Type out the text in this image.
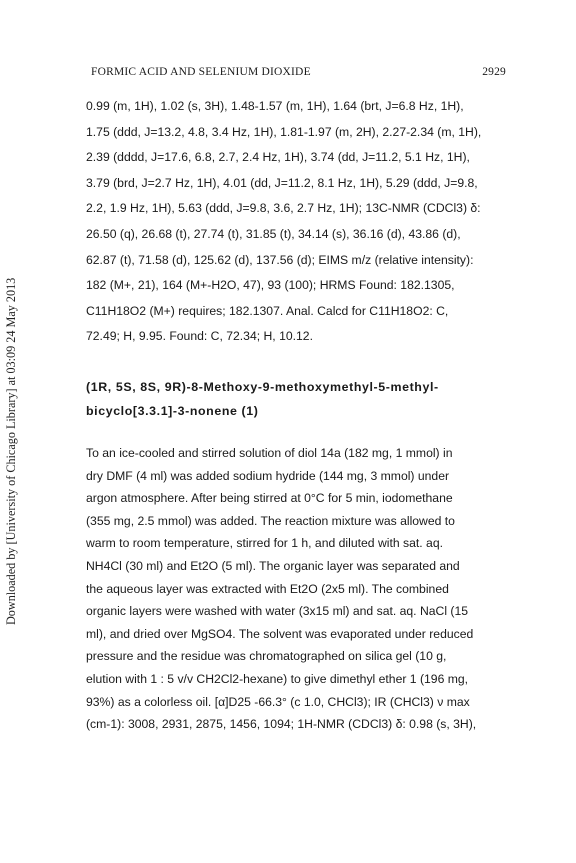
FORMIC ACID AND SELENIUM DIOXIDE	2929
Downloaded by [University of Chicago Library] at 03:09 24 May 2013
0.99 (m, 1H), 1.02 (s, 3H), 1.48-1.57 (m, 1H), 1.64 (brt, J=6.8 Hz, 1H),
1.75 (ddd, J=13.2, 4.8, 3.4 Hz, 1H), 1.81-1.97 (m, 2H), 2.27-2.34 (m, 1H),
2.39 (dddd, J=17.6, 6.8, 2.7, 2.4 Hz, 1H), 3.74 (dd, J=11.2, 5.1 Hz, 1H),
3.79 (brd, J=2.7 Hz, 1H), 4.01 (dd, J=11.2, 8.1 Hz, 1H), 5.29 (ddd, J=9.8,
2.2, 1.9 Hz, 1H), 5.63 (ddd, J=9.8, 3.6, 2.7 Hz, 1H); 13C-NMR (CDCl3) δ:
26.50 (q), 26.68 (t), 27.74 (t), 31.85 (t), 34.14 (s), 36.16 (d), 43.86 (d),
62.87 (t), 71.58 (d), 125.62 (d), 137.56 (d); EIMS m/z (relative intensity):
182 (M+, 21), 164 (M+-H2O, 47), 93 (100); HRMS Found: 182.1305,
C11H18O2 (M+) requires; 182.1307. Anal. Calcd for C11H18O2: C,
72.49; H, 9.95. Found: C, 72.34; H, 10.12.
(1R, 5S, 8S, 9R)-8-Methoxy-9-methoxymethyl-5-methyl-
bicyclo[3.3.1]-3-nonene (1)
To an ice-cooled and stirred solution of diol 14a (182 mg, 1 mmol) in
dry DMF (4 ml) was added sodium hydride (144 mg, 3 mmol) under
argon atmosphere. After being stirred at 0°C for 5 min, iodomethane
(355 mg, 2.5 mmol) was added. The reaction mixture was allowed to
warm to room temperature, stirred for 1 h, and diluted with sat. aq.
NH4Cl (30 ml) and Et2O (5 ml). The organic layer was separated and
the aqueous layer was extracted with Et2O (2x5 ml). The combined
organic layers were washed with water (3x15 ml) and sat. aq. NaCl (15
ml), and dried over MgSO4. The solvent was evaporated under reduced
pressure and the residue was chromatographed on silica gel (10 g,
elution with 1 : 5 v/v CH2Cl2-hexane) to give dimethyl ether 1 (196 mg,
93%) as a colorless oil. [α]D25 -66.3° (c 1.0, CHCl3); IR (CHCl3) ν max
(cm-1): 3008, 2931, 2875, 1456, 1094; 1H-NMR (CDCl3) δ: 0.98 (s, 3H),
